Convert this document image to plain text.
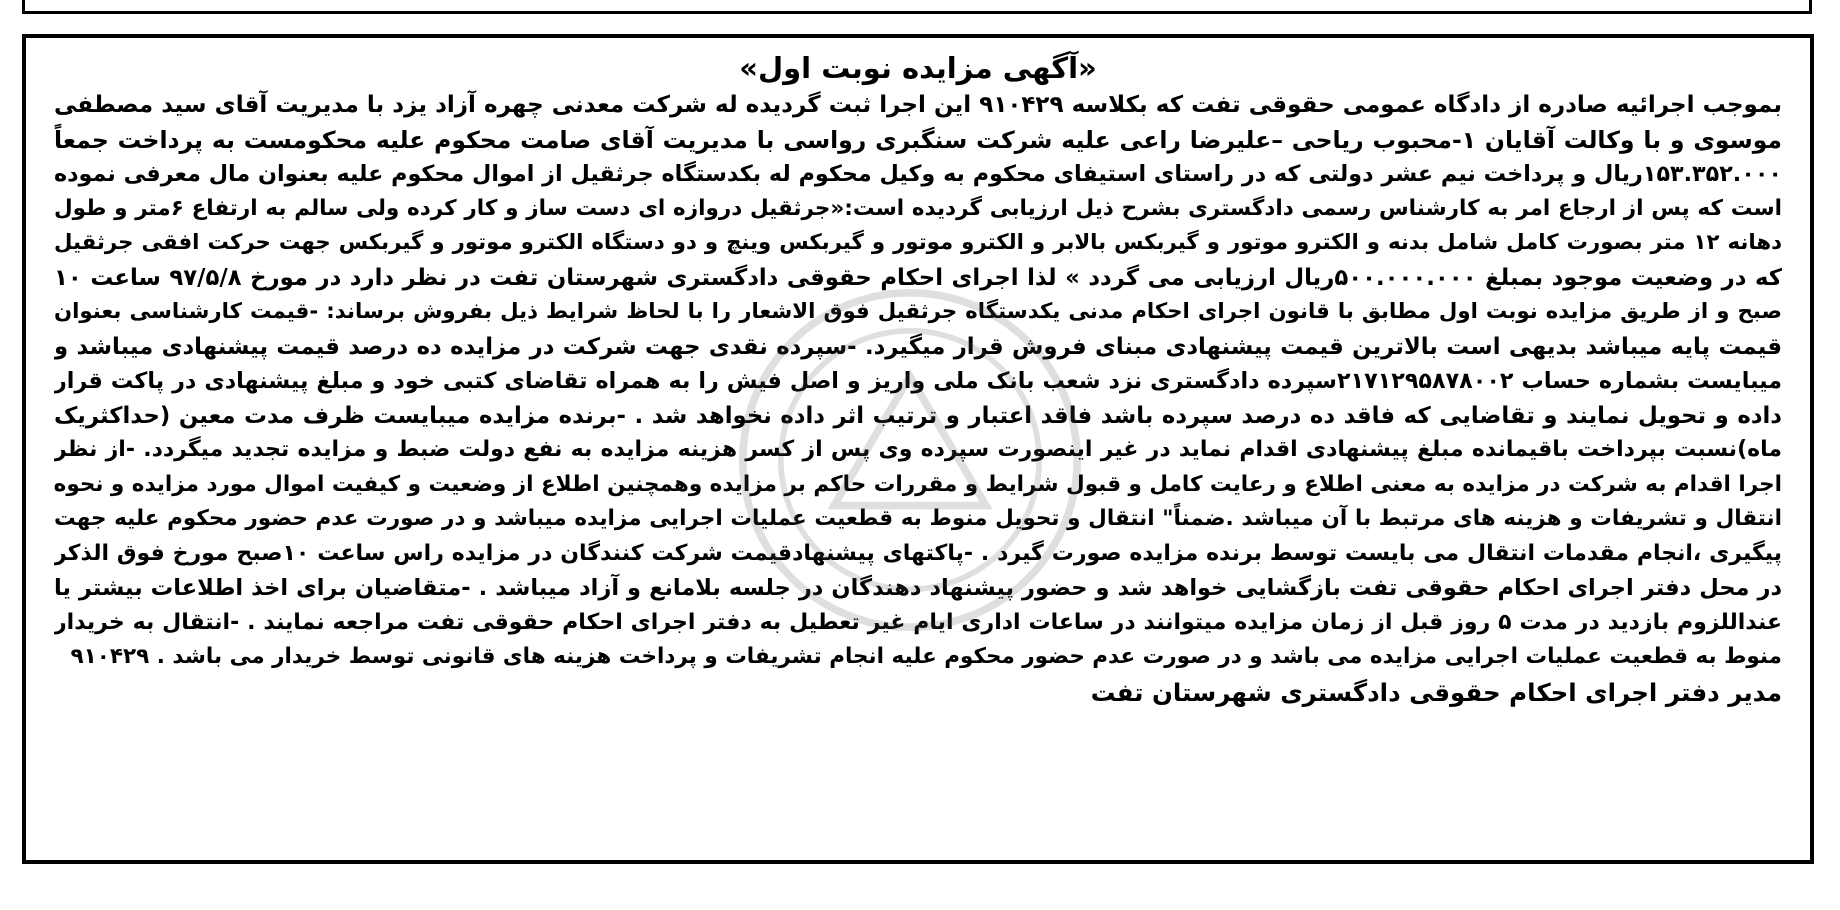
«آگهی مزایده نوبت اول»

بموجب اجرائیه صادره از دادگاه عمومی حقوقی تفت که بکلاسه ۹۱۰۴۲۹ این اجرا ثبت گردیده له شرکت معدنی چهره آزاد یزد با مدیریت آقای سید مصطفی
موسوی و با وکالت آقایان ۱-محبوب ریاحی –علیرضا راعی علیه شرکت سنگبری رواسی با مدیریت آقای صامت محکوم علیه محکومست به پرداخت جمعاً
۱۵۳.۳۵۲.۰۰۰ریال و پرداخت نیم عشر دولتی که در راستای استیفای محکوم به وکیل محکوم له بکدستگاه جرثقیل از اموال محکوم علیه بعنوان مال معرفی نموده
است که پس از ارجاع امر به کارشناس رسمی دادگستری بشرح ذیل ارزیابی گردیده است:«جرثقیل دروازه ای دست ساز و کار کرده ولی سالم به ارتفاع ۶متر و طول
دهانه ۱۲ متر بصورت کامل شامل بدنه و الکترو موتور و گیربکس بالابر و الکترو موتور و گیربکس وینچ و دو دستگاه الکترو موتور و گیربکس جهت حرکت افقی جرثقیل
که در وضعیت موجود بمبلغ ۵۰۰.۰۰۰.۰۰۰ریال ارزیابی می گردد » لذا اجرای احکام حقوقی دادگستری شهرستان تفت در نظر دارد در مورخ ۹۷/۵/۸ ساعت ۱۰
صبح و از طریق مزایده نوبت اول مطابق با قانون اجرای احکام مدنی یکدستگاه جرثقیل فوق الاشعار را با لحاظ شرایط ذیل بفروش برساند: -قیمت کارشناسی بعنوان
قیمت پایه میباشد بدیهی است بالاترین قیمت پیشنهادی مبنای فروش قرار میگیرد. -سپرده نقدی جهت شرکت در مزایده ده درصد قیمت پیشنهادی میباشد و
میبایست بشماره حساب ۲۱۷۱۲۹۵۸۷۸۰۰۲سپرده دادگستری نزد شعب بانک ملی واریز و اصل فیش را به همراه تقاضای کتبی خود و مبلغ پیشنهادی در پاکت قرار
داده و تحویل نمایند و تقاضایی که فاقد ده درصد سپرده باشد فاقد اعتبار و ترتیب اثر داده نخواهد شد . -برنده مزایده میبایست ظرف مدت معین (حداکثریک
ماه)نسبت بپرداخت باقیمانده مبلغ پیشنهادی اقدام نماید در غیر اینصورت سپرده وی پس از کسر هزینه مزایده به نفع دولت ضبط و مزایده تجدید میگردد. -از نظر
اجرا اقدام به شرکت در مزایده به معنی اطلاع و رعایت کامل و قبول شرایط و مقررات حاکم بر مزایده وهمچنین اطلاع از وضعیت و کیفیت اموال مورد مزایده و نحوه
انتقال و تشریفات و هزینه های مرتبط با آن میباشد .ضمناً" انتقال و تحویل منوط به قطعیت عملیات اجرایی مزایده میباشد و در صورت عدم حضور محکوم علیه جهت
پیگیری ،انجام مقدمات انتقال می بایست توسط برنده مزایده صورت گیرد . -پاکتهای پیشنهادقیمت شرکت کنندگان در مزایده راس ساعت ۱۰صبح مورخ فوق الذکر
در محل دفتر اجرای احکام حقوقی تفت بازگشایی خواهد شد و حضور پیشنهاد دهندگان در جلسه بلامانع و آزاد میباشد . -متقاضیان برای اخذ اطلاعات بیشتر یا
عنداللزوم بازدید در مدت ۵ روز قبل از زمان مزایده میتوانند در ساعات اداری ایام غیر تعطیل به دفتر اجرای احکام حقوقی تفت مراجعه نمایند . -انتقال به خریدار
منوط به قطعیت عملیات اجرایی مزایده می باشد و در صورت عدم حضور محکوم علیه انجام تشریفات و پرداخت هزینه های قانونی توسط خریدار می باشد . ۹۱۰۴۲۹

مدیر دفتر اجرای احکام حقوقی دادگستری شهرستان تفت
